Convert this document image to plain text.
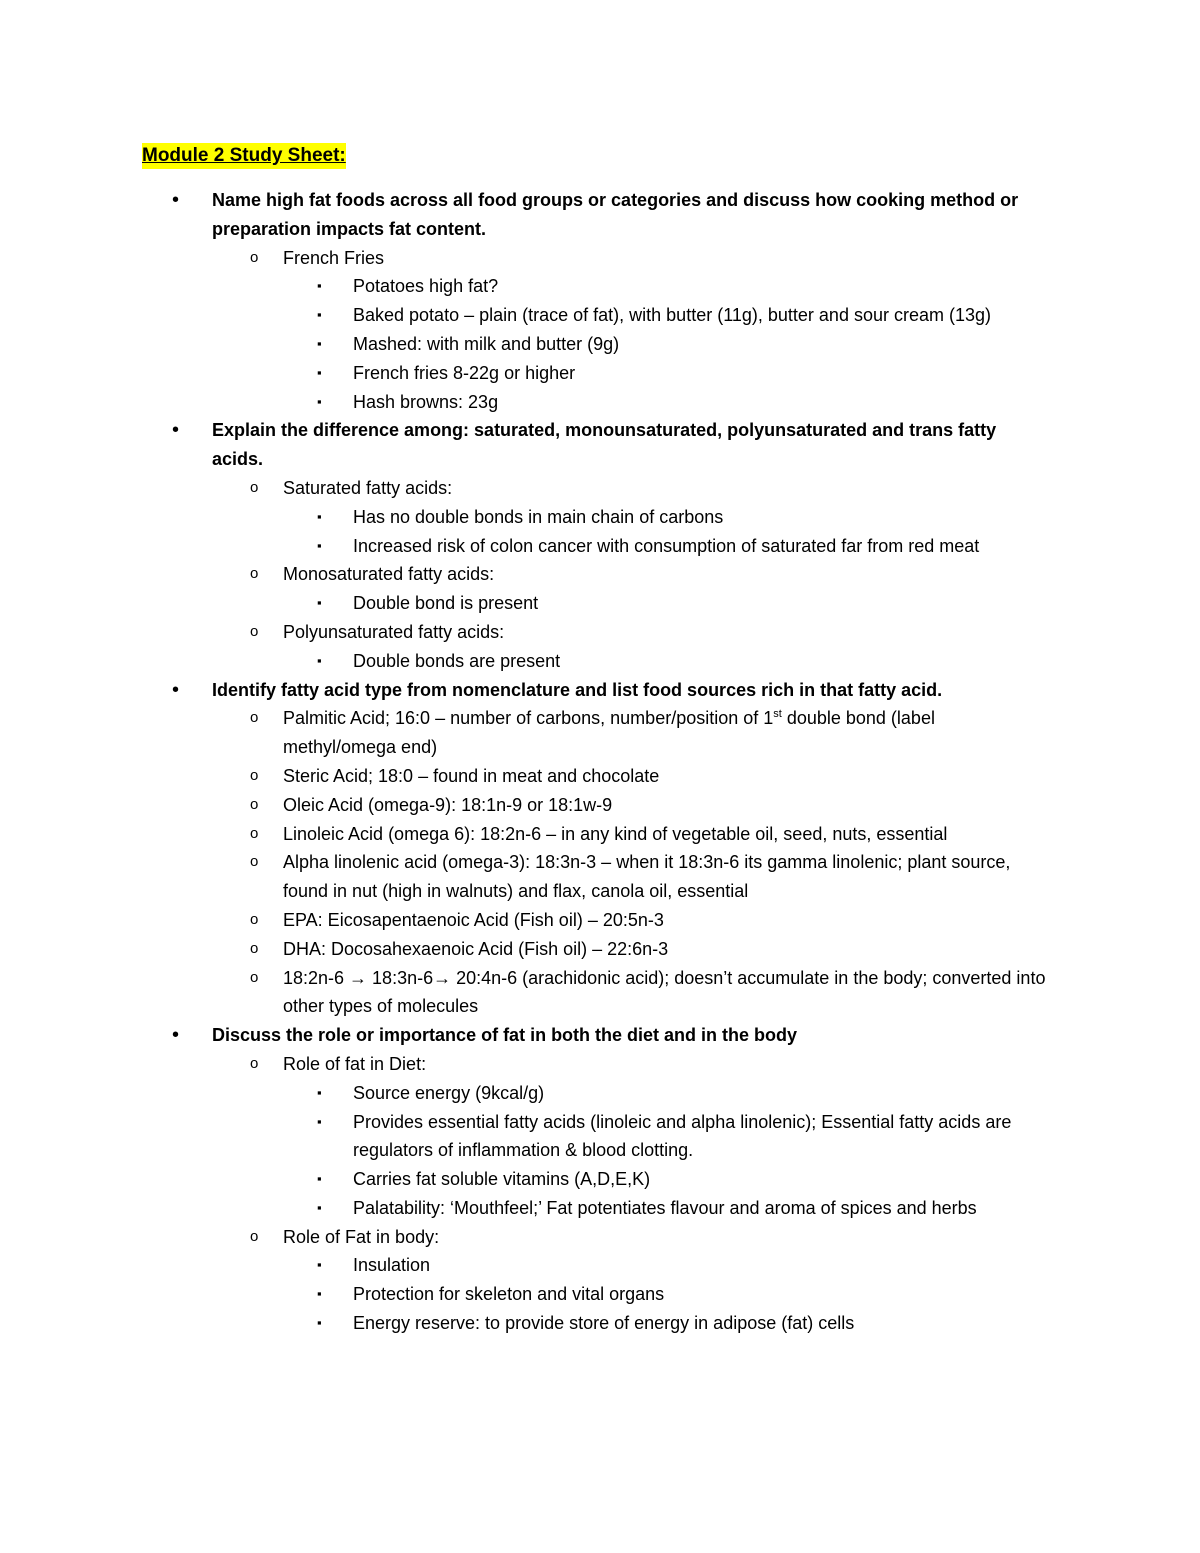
Module 2 Study Sheet:
• Name high fat foods across all food groups or categories and discuss how cooking method or preparation impacts fat content.
o French Fries
▪ Potatoes high fat?
▪ Baked potato – plain (trace of fat), with butter (11g), butter and sour cream (13g)
▪ Mashed: with milk and butter (9g)
▪ French fries 8-22g or higher
▪ Hash browns: 23g
• Explain the difference among: saturated, monounsaturated, polyunsaturated and trans fatty acids.
o Saturated fatty acids:
▪ Has no double bonds in main chain of carbons
▪ Increased risk of colon cancer with consumption of saturated far from red meat
o Monosaturated fatty acids:
▪ Double bond is present
o Polyunsaturated fatty acids:
▪ Double bonds are present
• Identify fatty acid type from nomenclature and list food sources rich in that fatty acid.
o Palmitic Acid; 16:0 – number of carbons, number/position of 1st double bond (label methyl/omega end)
o Steric Acid; 18:0 – found in meat and chocolate
o Oleic Acid (omega-9): 18:1n-9 or 18:1w-9
o Linoleic Acid (omega 6): 18:2n-6 – in any kind of vegetable oil, seed, nuts, essential
o Alpha linolenic acid (omega-3): 18:3n-3 – when it 18:3n-6 its gamma linolenic; plant source, found in nut (high in walnuts) and flax, canola oil, essential
o EPA: Eicosapentaenoic Acid (Fish oil) – 20:5n-3
o DHA: Docosahexaenoic Acid (Fish oil) – 22:6n-3
o 18:2n-6 → 18:3n-6→ 20:4n-6 (arachidonic acid); doesn’t accumulate in the body; converted into other types of molecules
• Discuss the role or importance of fat in both the diet and in the body
o Role of fat in Diet:
▪ Source energy (9kcal/g)
▪ Provides essential fatty acids (linoleic and alpha linolenic); Essential fatty acids are regulators of inflammation & blood clotting.
▪ Carries fat soluble vitamins (A,D,E,K)
▪ Palatability: ‘Mouthfeel;’ Fat potentiates flavour and aroma of spices and herbs
o Role of Fat in body:
▪ Insulation
▪ Protection for skeleton and vital organs
▪ Energy reserve: to provide store of energy in adipose (fat) cells
